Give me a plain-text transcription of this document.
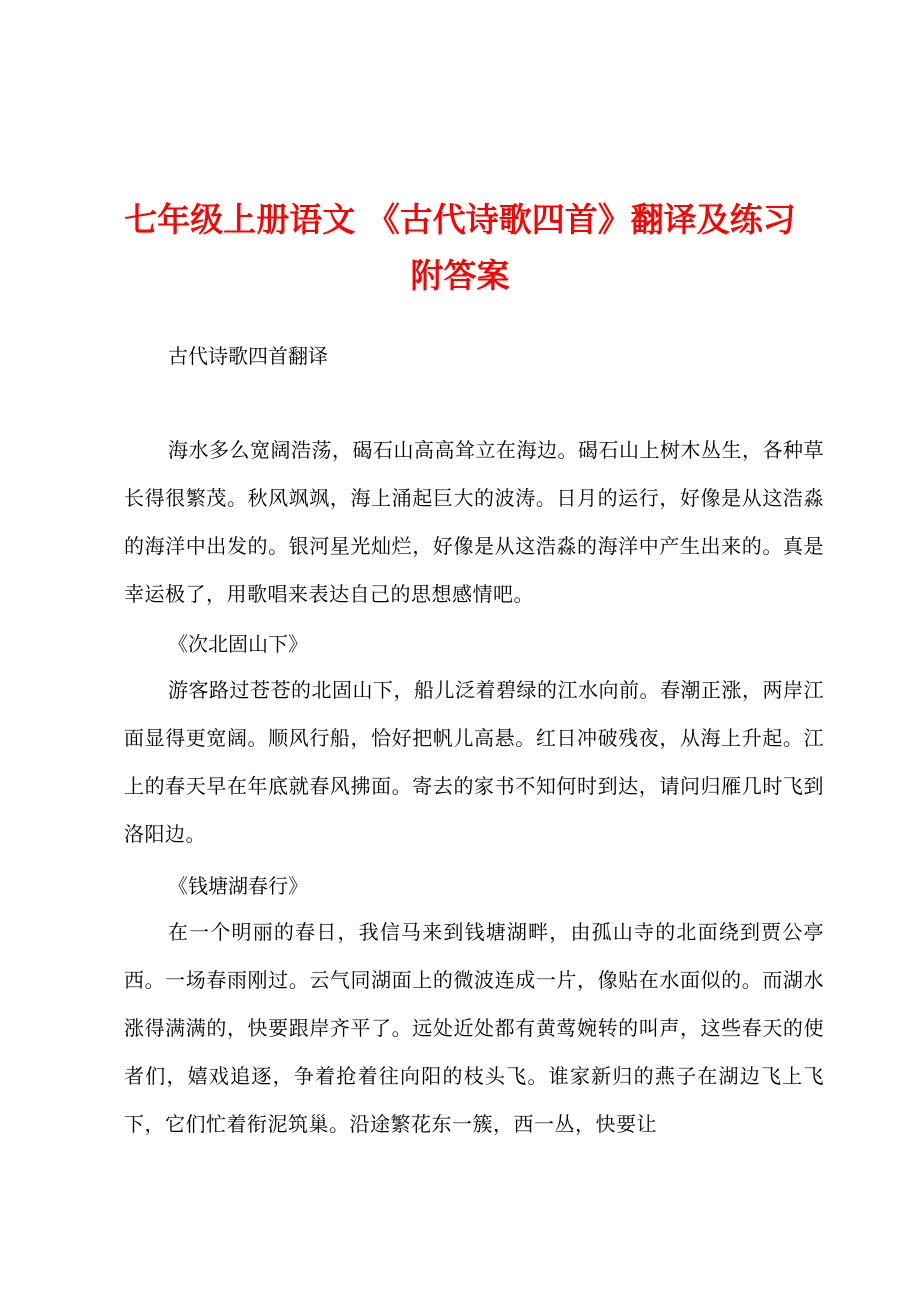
七年级上册语文 《古代诗歌四首》翻译及练习
附答案

古代诗歌四首翻译

海水多么宽阔浩荡，碣石山高高耸立在海边。碣石山上树木丛生，各种草长得很繁茂。秋风飒飒，海上涌起巨大的波涛。日月的运行，好像是从这浩淼的海洋中出发的。银河星光灿烂，好像是从这浩淼的海洋中产生出来的。真是幸运极了，用歌唱来表达自己的思想感情吧。

《次北固山下》

游客路过苍苍的北固山下，船儿泛着碧绿的江水向前。春潮正涨，两岸江面显得更宽阔。顺风行船，恰好把帆儿高悬。红日冲破残夜，从海上升起。江上的春天早在年底就春风拂面。寄去的家书不知何时到达，请问归雁几时飞到洛阳边。

《钱塘湖春行》

在一个明丽的春日，我信马来到钱塘湖畔，由孤山寺的北面绕到贾公亭西。一场春雨刚过。云气同湖面上的微波连成一片，像贴在水面似的。而湖水涨得满满的，快要跟岸齐平了。远处近处都有黄莺婉转的叫声，这些春天的使者们，嬉戏追逐，争着抢着往向阳的枝头飞。谁家新归的燕子在湖边飞上飞下，它们忙着衔泥筑巢。沿途繁花东一簇，西一丛，快要让
